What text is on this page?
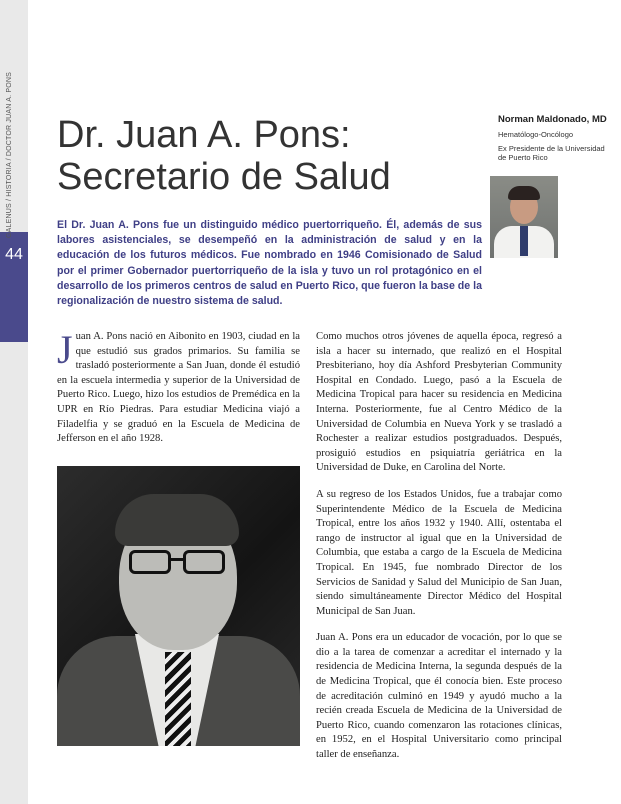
44
GALENUS / HISTORIA / DOCTOR JUAN A. PONS Dr. Juan A. Pons:
Secretario de Salud
Norman Maldonado, MD
Hematólogo-Oncólogo
Ex Presidente de la Universidad de Puerto Rico
El Dr. Juan A. Pons fue un distinguido médico puertorriqueño. Él, además de sus labores asistenciales, se desempeñó en la administración de salud y en la educación de los futuros médicos. Fue nombrado en 1946 Comisionado de Salud por el primer Gobernador puertorriqueño de la isla y tuvo un rol protagónico en el desarrollo de los primeros centros de salud en Puerto Rico, que fueron la base de la regionalización de nuestro sistema de salud.

Juan A. Pons nació en Aibonito en 1903, ciudad en la que estudió sus grados primarios. Su familia se trasladó posteriormente a San Juan, donde él estudió en la escuela intermedia y superior de la Universidad de Puerto Rico. Luego, hizo los estudios de Premédica en la UPR en Río Piedras. Para estudiar Medicina viajó a Filadelfia y se graduó en la Escuela de Medicina de Jefferson en el año 1928.

Como muchos otros jóvenes de aquella época, regresó a isla a hacer su internado, que realizó en el Hospital Presbiteriano, hoy día Ashford Presbyterian Community Hospital en Condado. Luego, pasó a la Escuela de Medicina Tropical para hacer su residencia en Medicina Interna. Posteriormente, fue al Centro Médico de la Universidad de Columbia en Nueva York y se trasladó a Rochester a realizar estudios postgraduados. Después, prosiguió estudios en psiquiatría geriátrica en la Universidad de Duke, en Carolina del Norte.

A su regreso de los Estados Unidos, fue a trabajar como Superintendente Médico de la Escuela de Medicina Tropical, entre los años 1932 y 1940. Allí, ostentaba el rango de instructor al igual que en la Universidad de Columbia, que estaba a cargo de la Escuela de Medicina Tropical. En 1945, fue nombrado Director de los Servicios de Sanidad y Salud del Municipio de San Juan, siendo simultáneamente Director Médico del Hospital Municipal de San Juan.

Juan A. Pons era un educador de vocación, por lo que se dio a la tarea de comenzar a acreditar el internado y la residencia de Medicina Interna, la segunda después de la de Medicina Tropical, que él conocía bien. Este proceso de acreditación culminó en 1949 y ayudó mucho a la recién creada Escuela de Medicina de la Universidad de Puerto Rico, cuando comenzaron las rotaciones clínicas, en 1952, en el Hospital Universitario como principal taller de enseñanza.
